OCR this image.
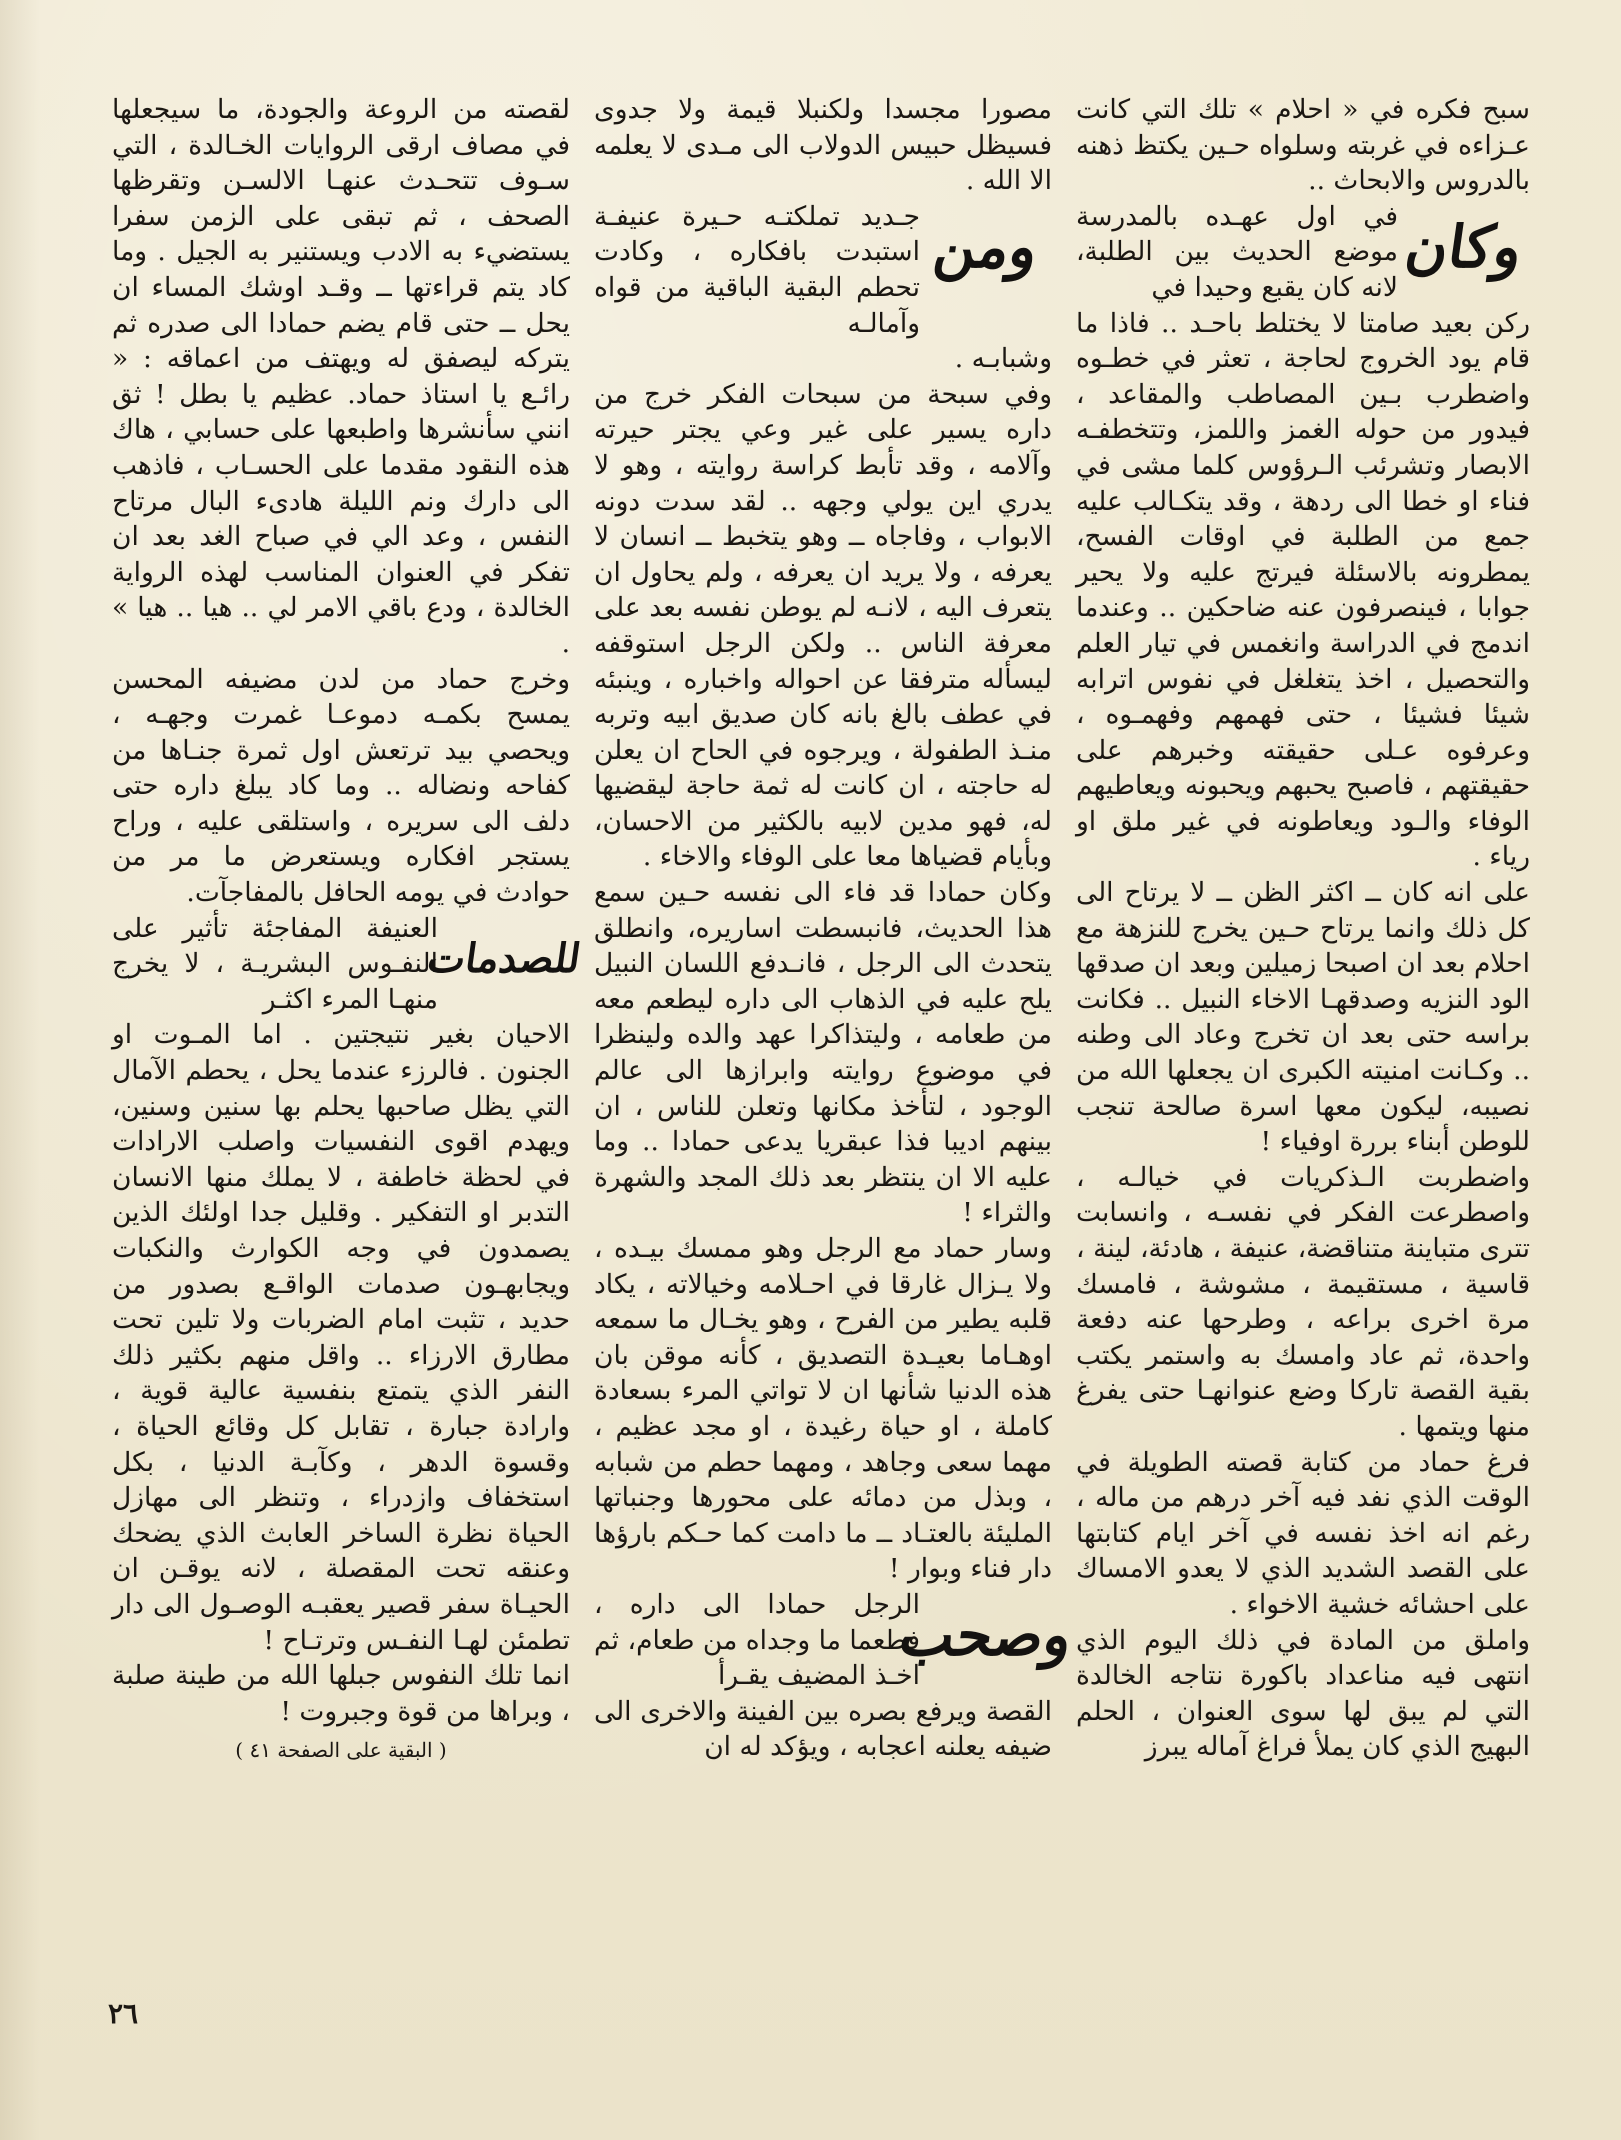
سبح فكره في « احلام » تلك التي كانت عـزاءه في غربته وسلواه حـين يكتظ ذهنه بالدروس والابحاث ..

وكان

في اول عهـده بالمدرسة موضع الحديث بين الطلبة، لانه كان يقبع وحيدا في

ركن بعيد صامتا لا يختلط باحـد .. فاذا ما قام يود الخروج لحاجة ، تعثر في خطـوه واضطرب بـين المصاطب والمقاعد ، فيدور من حوله الغمز واللمز، وتتخطفـه الابصار وتشرئب الـرؤوس كلما مشى في فناء او خطا الى ردهة ، وقد يتكـالب عليه جمع من الطلبة في اوقات الفسح، يمطرونه بالاسئلة فيرتج عليه ولا يحير جوابا ، فينصرفون عنه ضاحكين .. وعندما اندمج في الدراسة وانغمس في تيار العلم والتحصيل ، اخذ يتغلغل في نفوس اترابه شيئا فشيئا ، حتى فهمهم وفهمـوه ، وعرفوه عـلى حقيقته وخبرهم على حقيقتهم ، فاصبح يحبهم ويحبونه ويعاطيهم الوفاء والـود ويعاطونه في غير ملق او رياء .

على انه كان ــ اكثر الظن ــ لا يرتاح الى كل ذلك وانما يرتاح حـين يخرج للنزهة مع احلام بعد ان اصبحا زميلين وبعد ان صدقها الود النزيه وصدقهـا الاخاء النبيل .. فكانت براسه حتى بعد ان تخرج وعاد الى وطنه .. وكـانت امنيته الكبرى ان يجعلها الله من نصيبه، ليكون معها اسرة صالحة تنجب للوطن أبناء بررة اوفياء !

واضطربت الـذكريات في خيالـه ، واصطرعت الفكر في نفسـه ، وانسابت تترى متباينة متناقضة، عنيفة ، هادئة، لينة ، قاسية ، مستقيمة ، مشوشة ، فامسك مرة اخرى براعه ، وطرحها عنه دفعة واحدة، ثم عاد وامسك به واستمر يكتب بقية القصة تاركا وضع عنوانهـا حتى يفرغ منها ويتمها .

فرغ حماد من كتابة قصته الطويلة في الوقت الذي نفد فيه آخر درهم من ماله ، رغم انه اخذ نفسه في آخر ايام كتابتها على القصد الشديد الذي لا يعدو الامساك على احشائه خشية الاخواء .

واملق من المادة في ذلك اليوم الذي انتهى فيه مناعداد باكورة نتاجه الخالدة التي لم يبق لها سوى العنوان ، الحلم البهيج الذي كان يملأ فراغ آماله يبرز

مصورا مجسدا ولكنبلا قيمة ولا جدوى فسيظل حبيس الدولاب الى مـدى لا يعلمه الا الله .

ومن

جـديد تملكتـه حـيرة عنيفـة استبدت بافكاره ، وكادت تحطم البقية الباقية من قواه وآمالـه

وشبابـه .

وفي سبحة من سبحات الفكر خرج من داره يسير على غير وعي يجتر حيرته وآلامه ، وقد تأبط كراسة روايته ، وهو لا يدري اين يولي وجهه .. لقد سدت دونه الابواب ، وفاجاه ــ وهو يتخبط ــ انسان لا يعرفه ، ولا يريد ان يعرفه ، ولم يحاول ان يتعرف اليه ، لانـه لم يوطن نفسه بعد على معرفة الناس .. ولكن الرجل استوقفه ليسأله مترفقا عن احواله واخباره ، وينبئه في عطف بالغ بانه كان صديق ابيه وتربه منـذ الطفولة ، ويرجوه في الحاح ان يعلن له حاجته ، ان كانت له ثمة حاجة ليقضيها له، فهو مدين لابيه بالكثير من الاحسان، وبأيام قضياها معا على الوفاء والاخاء .

وكان حمادا قد فاء الى نفسه حـين سمع هذا الحديث، فانبسطت اساريره، وانطلق يتحدث الى الرجل ، فانـدفع اللسان النبيل يلح عليه في الذهاب الى داره ليطعم معه من طعامه ، وليتذاكرا عهد والده ولينظرا في موضوع روايته وابرازها الى عالم الوجود ، لتأخذ مكانها وتعلن للناس ، ان بينهم اديبا فذا عبقريا يدعى حمادا .. وما عليه الا ان ينتظر بعد ذلك المجد والشهرة والثراء !

وسار حماد مع الرجل وهو ممسك بيـده ، ولا يـزال غارقا في احـلامه وخيالاته ، يكاد قلبه يطير من الفرح ، وهو يخـال ما سمعه اوهـاما بعيـدة التصديق ، كأنه موقن بان هذه الدنيا شأنها ان لا تواتي المرء بسعادة كاملة ، او حياة رغيدة ، او مجد عظيم ، مهما سعى وجاهد ، ومهما حطم من شبابه ، وبذل من دمائه على محورها وجنباتها المليئة بالعتـاد ــ ما دامت كما حـكم بارؤها دار فناء وبوار !

وصحب

الرجل حمادا الى داره ، فطعما ما وجداه من طعام، ثم اخـذ المضيف يقـرأ

القصة ويرفع بصره بين الفينة والاخرى الى ضيفه يعلنه اعجابه ، ويؤكد له ان

لقصته من الروعة والجودة، ما سيجعلها في مصاف ارقى الروايات الخـالدة ، التي سـوف تتحـدث عنهـا الالسـن وتقرظها الصحف ، ثم تبقى على الزمن سفرا يستضيء به الادب ويستنير به الجيل . وما كاد يتم قراءتها ــ وقـد اوشك المساء ان يحل ــ حتى قام يضم حمادا الى صدره ثم يتركه ليصفق له ويهتف من اعماقه : « رائـع يا استاذ حماد. عظيم يا بطل ! ثق انني سأنشرها واطبعها على حسابي ، هاك هذه النقود مقدما على الحسـاب ، فاذهب الى دارك ونم الليلة هادىء البال مرتاح النفس ، وعد الي في صباح الغد بعد ان تفكر في العنوان المناسب لهذه الرواية الخالدة ، ودع باقي الامر لي .. هيا .. هيا » .

وخرج حماد من لدن مضيفه المحسن يمسح بكمـه دموعـا غمرت وجهـه ، ويحصي بيد ترتعش اول ثمرة جنـاها من كفاحه ونضاله .. وما كاد يبلغ داره حتى دلف الى سريره ، واستلقى عليه ، وراح يستجر افكاره ويستعرض ما مر من حوادث في يومه الحافل بالمفاجآت.

للصدمات

العنيفة المفاجئة تأثير على النفـوس البشريـة ، لا يخرج منهـا المرء اكثـر

الاحيان بغير نتيجتين . اما المـوت او الجنون . فالرزء عندما يحل ، يحطم الآمال التي يظل صاحبها يحلم بها سنين وسنين، ويهدم اقوى النفسيات واصلب الارادات في لحظة خاطفة ، لا يملك منها الانسان التدبر او التفكير . وقليل جدا اولئك الذين يصمدون في وجه الكوارث والنكبات ويجابهـون صدمات الواقـع بصدور من حديد ، تثبت امام الضربات ولا تلين تحت مطارق الارزاء .. واقل منهم بكثير ذلك النفر الذي يتمتع بنفسية عالية قوية ، وارادة جبارة ، تقابل كل وقائع الحياة ، وقسوة الدهر ، وكآبـة الدنيا ، بكل استخفاف وازدراء ، وتنظر الى مهازل الحياة نظرة الساخر العابث الذي يضحك وعنقه تحت المقصلة ، لانه يوقـن ان الحيـاة سفر قصير يعقبـه الوصـول الى دار تطمئن لهـا النفـس وترتـاح !

انما تلك النفوس جبلها الله من طينة صلبة ، وبراها من قوة وجبروت !

( البقية على الصفحة ٤١ )
٢٦
